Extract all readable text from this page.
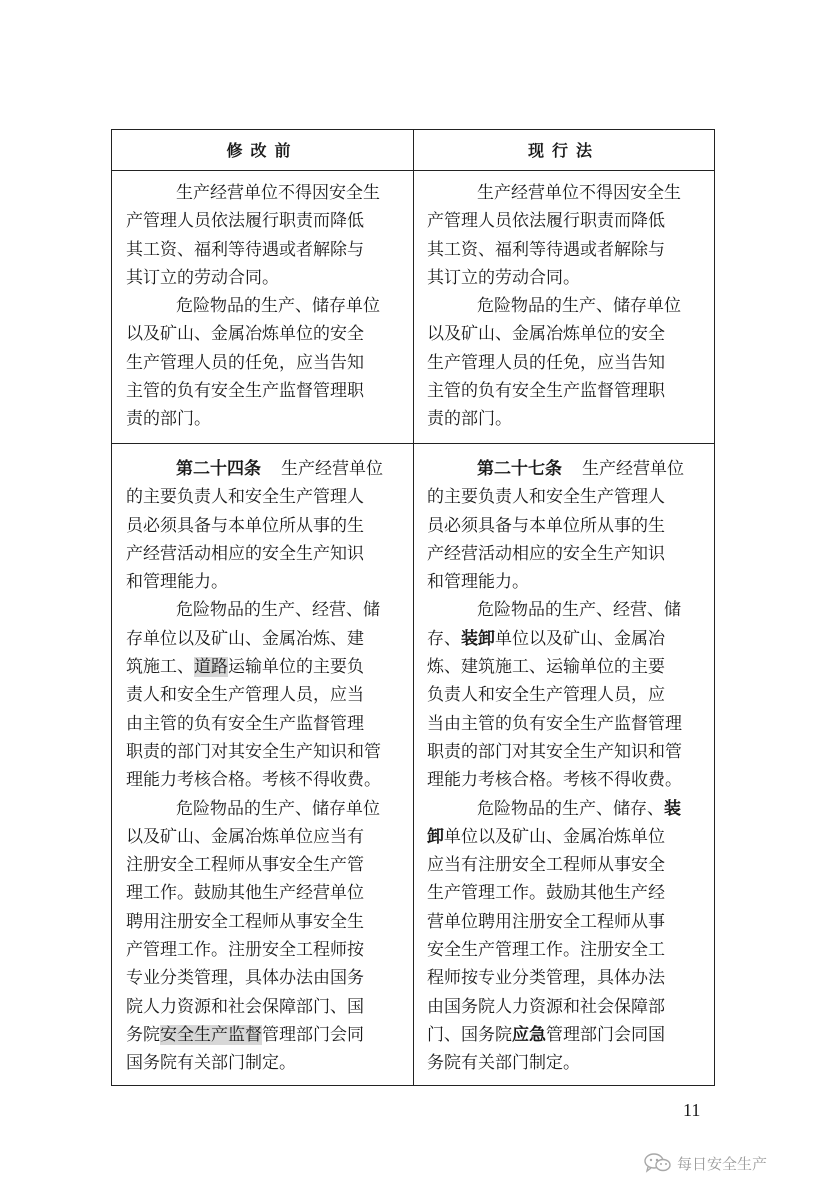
修改前	现行法
生产经营单位不得因安全生
产管理人员依法履行职责而降低
其工资、福利等待遇或者解除与
其订立的劳动合同。
危险物品的生产、储存单位
以及矿山、金属冶炼单位的安全
生产管理人员的任免，应当告知
主管的负有安全生产监督管理职
责的部门。
生产经营单位不得因安全生
产管理人员依法履行职责而降低
其工资、福利等待遇或者解除与
其订立的劳动合同。
危险物品的生产、储存单位
以及矿山、金属冶炼单位的安全
生产管理人员的任免，应当告知
主管的负有安全生产监督管理职
责的部门。
第二十四条 生产经营单位
的主要负责人和安全生产管理人
员必须具备与本单位所从事的生
产经营活动相应的安全生产知识
和管理能力。
危险物品的生产、经营、储
存单位以及矿山、金属冶炼、建
筑施工、道路运输单位的主要负
责人和安全生产管理人员，应当
由主管的负有安全生产监督管理
职责的部门对其安全生产知识和管
理能力考核合格。考核不得收费。
危险物品的生产、储存单位
以及矿山、金属冶炼单位应当有
注册安全工程师从事安全生产管
理工作。鼓励其他生产经营单位
聘用注册安全工程师从事安全生
产管理工作。注册安全工程师按
专业分类管理，具体办法由国务
院人力资源和社会保障部门、国
务院安全生产监督管理部门会同
国务院有关部门制定。
第二十七条 生产经营单位
的主要负责人和安全生产管理人
员必须具备与本单位所从事的生
产经营活动相应的安全生产知识
和管理能力。
危险物品的生产、经营、储
存、装卸单位以及矿山、金属冶
炼、建筑施工、运输单位的主要
负责人和安全生产管理人员，应
当由主管的负有安全生产监督管理
职责的部门对其安全生产知识和管
理能力考核合格。考核不得收费。
危险物品的生产、储存、装
卸单位以及矿山、金属冶炼单位
应当有注册安全工程师从事安全
生产管理工作。鼓励其他生产经
营单位聘用注册安全工程师从事
安全生产管理工作。注册安全工
程师按专业分类管理，具体办法
由国务院人力资源和社会保障部
门、国务院应急管理部门会同国
务院有关部门制定。
11
每日安全生产
